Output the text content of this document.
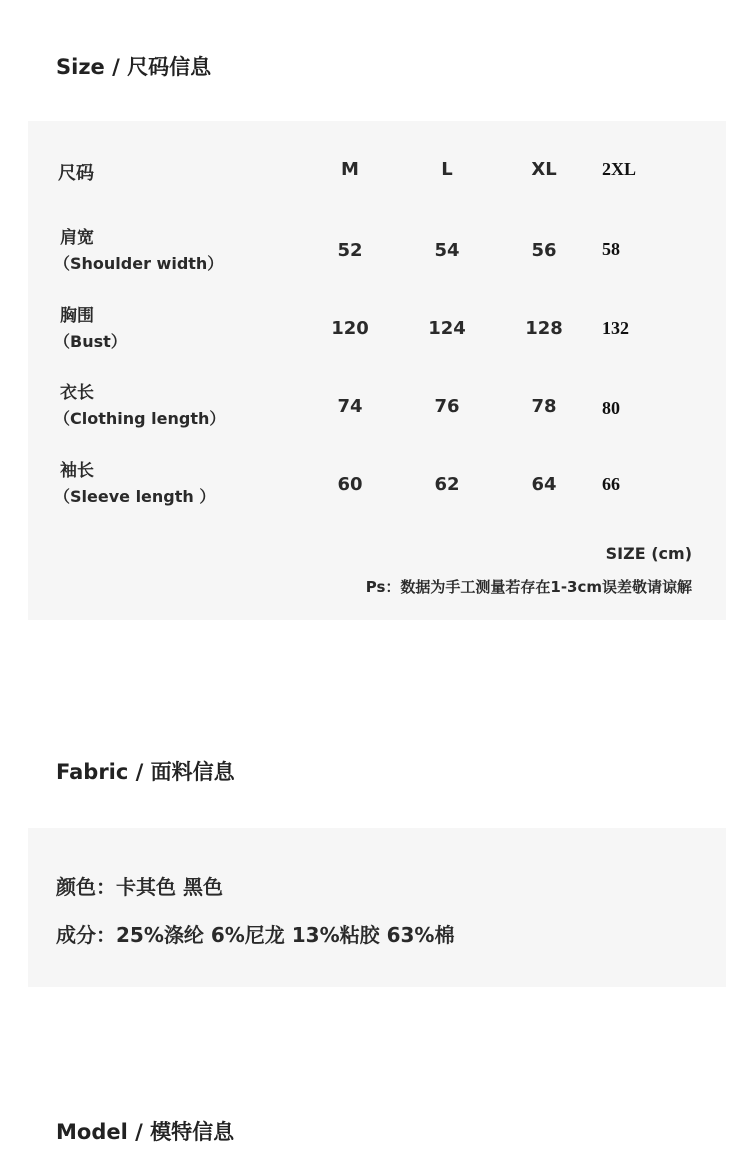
Size / 尺码信息
尺码	M	L	XL	2XL
肩宽
（Shoulder width）
52	54	56	58
胸围
（Bust）
120	124	128 132
衣长
（Clothing length）
74	76	78	80
袖长
（Sleeve length ）
60	62	64	66
SIZE (cm)
Ps：数据为手工测量若存在1-3cm误差敬请谅解
Fabric / 面料信息
颜色：卡其色 黑色
成分：25%涤纶 6%尼龙 13%粘胶 63%棉
Model / 模特信息
